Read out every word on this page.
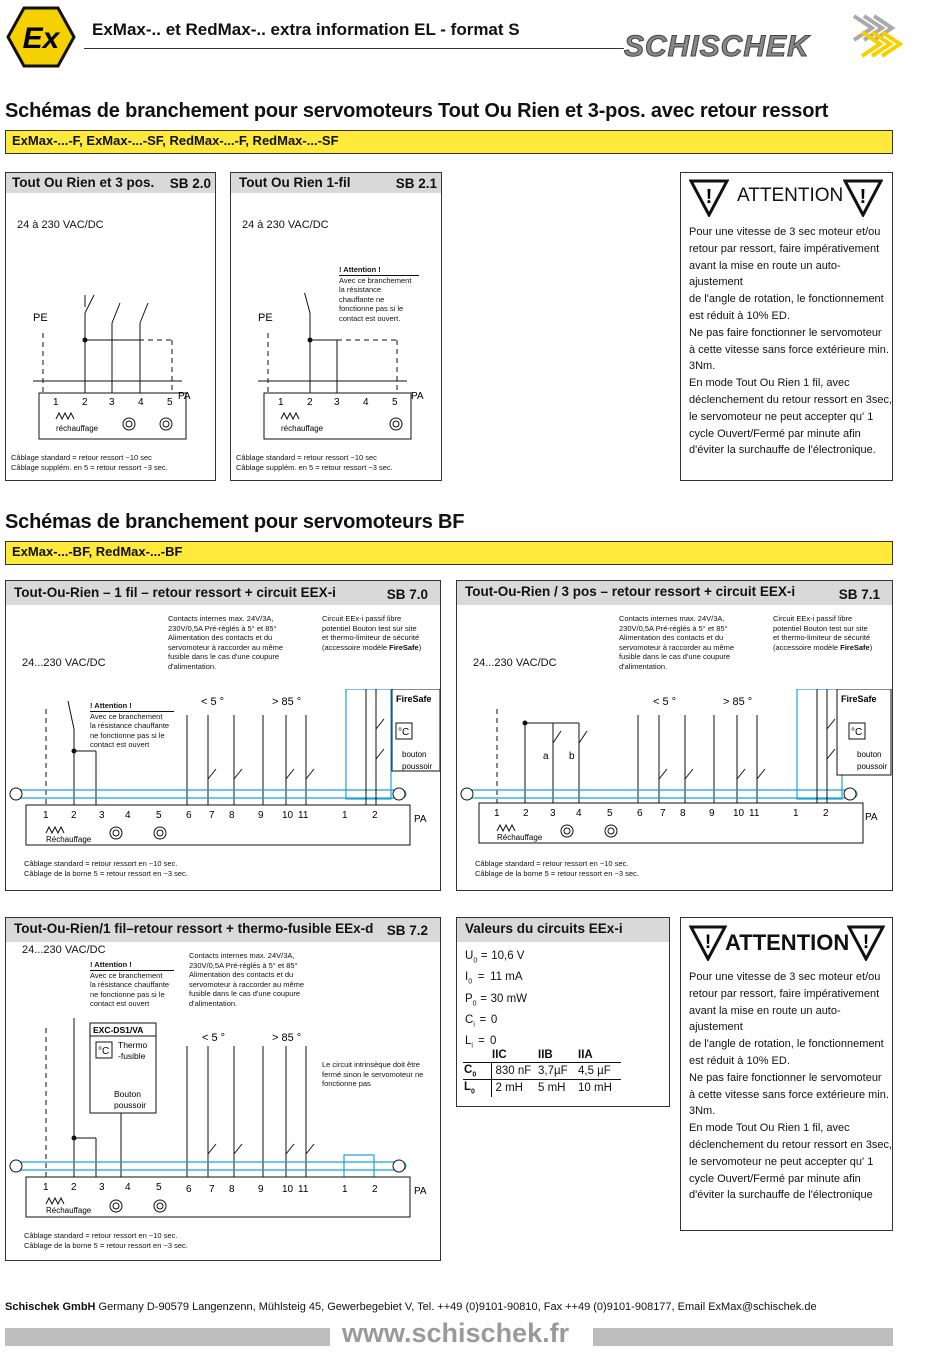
Ex ExMax-.. et RedMax-.. extra information EL - format S
SCHISCHEK
Schémas de branchement pour servomoteurs Tout Ou Rien et 3-pos. avec retour ressort
ExMax-...-F, ExMax-...-SF, RedMax-...-F, RedMax-...-SF
Tout Ou Rien et 3 pos. SB 2.0
24 à 230 VAC/DC
PE
PA
1 2 3 4 5
réchauffage
Câblage standard = retour ressort ~10 sec
Câblage supplém. en 5 = retour ressort ~3 sec.
Tout Ou Rien 1-fil	SB 2.1
24 à 230 VAC/DC
! Attention !
Avec ce branchement
la résistance
chauffante ne
fonctionne pas si le
contact est ouvert.
PE
PA
1 2 3 4 5
réchauffage
Câblage standard = retour ressort ~10 sec
Câblage supplém. en 5 = retour ressort ~3 sec.
! ATTENTION !
Pour une vitesse de 3 sec moteur et/ou
retour par ressort, faire impérativement
avant la mise en route un auto-ajustement
de l'angle de rotation, le fonctionnement
est réduit à 10% ED.
Ne pas faire fonctionner le servomoteur
à cette vitesse sans force extérieure min.
3Nm.
En mode Tout Ou Rien 1 fil, avec
déclenchement du retour ressort en 3sec,
le servomoteur ne peut accepter qu' 1
cycle Ouvert/Fermé par minute afin
d'éviter la surchauffe de l'électronique.
Schémas de branchement pour servomoteurs BF
ExMax-...-BF, RedMax-...-BF
Tout-Ou-Rien – 1 fil – retour ressort + circuit EEX-i	SB 7.0
Contacts internes max. 24V/3A,
230V/0,5A Pré-réglés à 5° et 85°
Alimentation des contacts et du
servomoteur à raccorder au même
fusible dans le cas d'une coupure
d'alimentation.
Circuit EEx-i passif libre
potentiel Bouton test sur site
et thermo-limiteur de sécurité
(accessoire modèle FireSafe)
24...230 VAC/DC
! Attention !
Avec ce branchement
la résistance chauffante
ne fonctionne pas si le
contact est ouvert
< 5 °	> 85 °	FireSafe
°C
bouton
poussoir
1 2 3 4	5 6 7 8 9 10 11	1 2	PA
Réchauffage
Câblage standard = retour ressort en ~10 sec.
Câblage de la borne 5 = retour ressort en ~3 sec.
Tout-Ou-Rien / 3 pos – retour ressort + circuit EEX-i	SB 7.1
Contacts internes max. 24V/3A,
230V/0,5A Pré-réglés à 5° et 85°
Alimentation des contacts et du
servomoteur à raccorder au même
fusible dans le cas d'une coupure
d'alimentation.
Circuit EEx-i passif libre
potentiel Bouton test sur site
et thermo-limiteur de sécurité
(accessoire modèle FireSafe)
24...230 VAC/DC
< 5 °	> 85 °
a b
FireSafe
°C
bouton
poussoir
1 2 3 4	5 6 7 8 9 10 11	1 2	PA
Réchauffage
Câblage standard = retour ressort en ~10 sec.
Câblage de la borne 5 = retour ressort en ~3 sec.
Tout-Ou-Rien/1 fil–retour ressort + thermo-fusible EEx-d SB 7.2
24...230 VAC/DC	Contacts internes max. 24V/3A,
230V/0,5A Pré-réglés à 5° et 85°
Alimentation des contacts et du
servomoteur à raccorder au même
fusible dans le cas d'une coupure
d'alimentation.
! Attention !
Avec ce branchement
la résistance chauffante
ne fonctionne pas si le
contact est ouvert
Le circuit intrinsèque doit être
fermé sinon le servomoteur ne
fonctionne pas
EXC-DS1/VA
°C
Thermo
-fusible
Bouton
poussoir
< 5 °	> 85 °
1 2 3 4	5 6 7 8 9 10 11	1 2	PA
Réchauffage
Câblage standard = retour ressort en ~10 sec.
Câblage de la borne 5 = retour ressort en ~3 sec.
Valeurs du circuits EEx-i
$U_0 = 10,6$ V
$I_0 = 11$ mA
$P_0 = 30$ mW
$C_i = 0$
$L_i = 0$
	IIC	IIB	IIA
$C_0$	830 nF	3,7µF	4,5 µF
$L_0$	2 mH	5 mH	10 mH
! ATTENTION !
Pour une vitesse de 3 sec moteur et/ou
retour par ressort, faire impérativement
avant la mise en route un auto-ajustement
de l'angle de rotation, le fonctionnement
est réduit à 10% ED.
Ne pas faire fonctionner le servomoteur
à cette vitesse sans force extérieure min.
3Nm.
En mode Tout Ou Rien 1 fil, avec
déclenchement du retour ressort en 3sec,
le servomoteur ne peut accepter qu' 1
cycle Ouvert/Fermé par minute afin
d'éviter la surchauffe de l'électronique
Schischek GmbH Germany D-90579 Langenzenn, Mühlsteig 45, Gewerbegebiet V, Tel. ++49 (0)9101-90810, Fax ++49 (0)9101-908177, Email ExMax@schischek.de
www.schischek.fr
